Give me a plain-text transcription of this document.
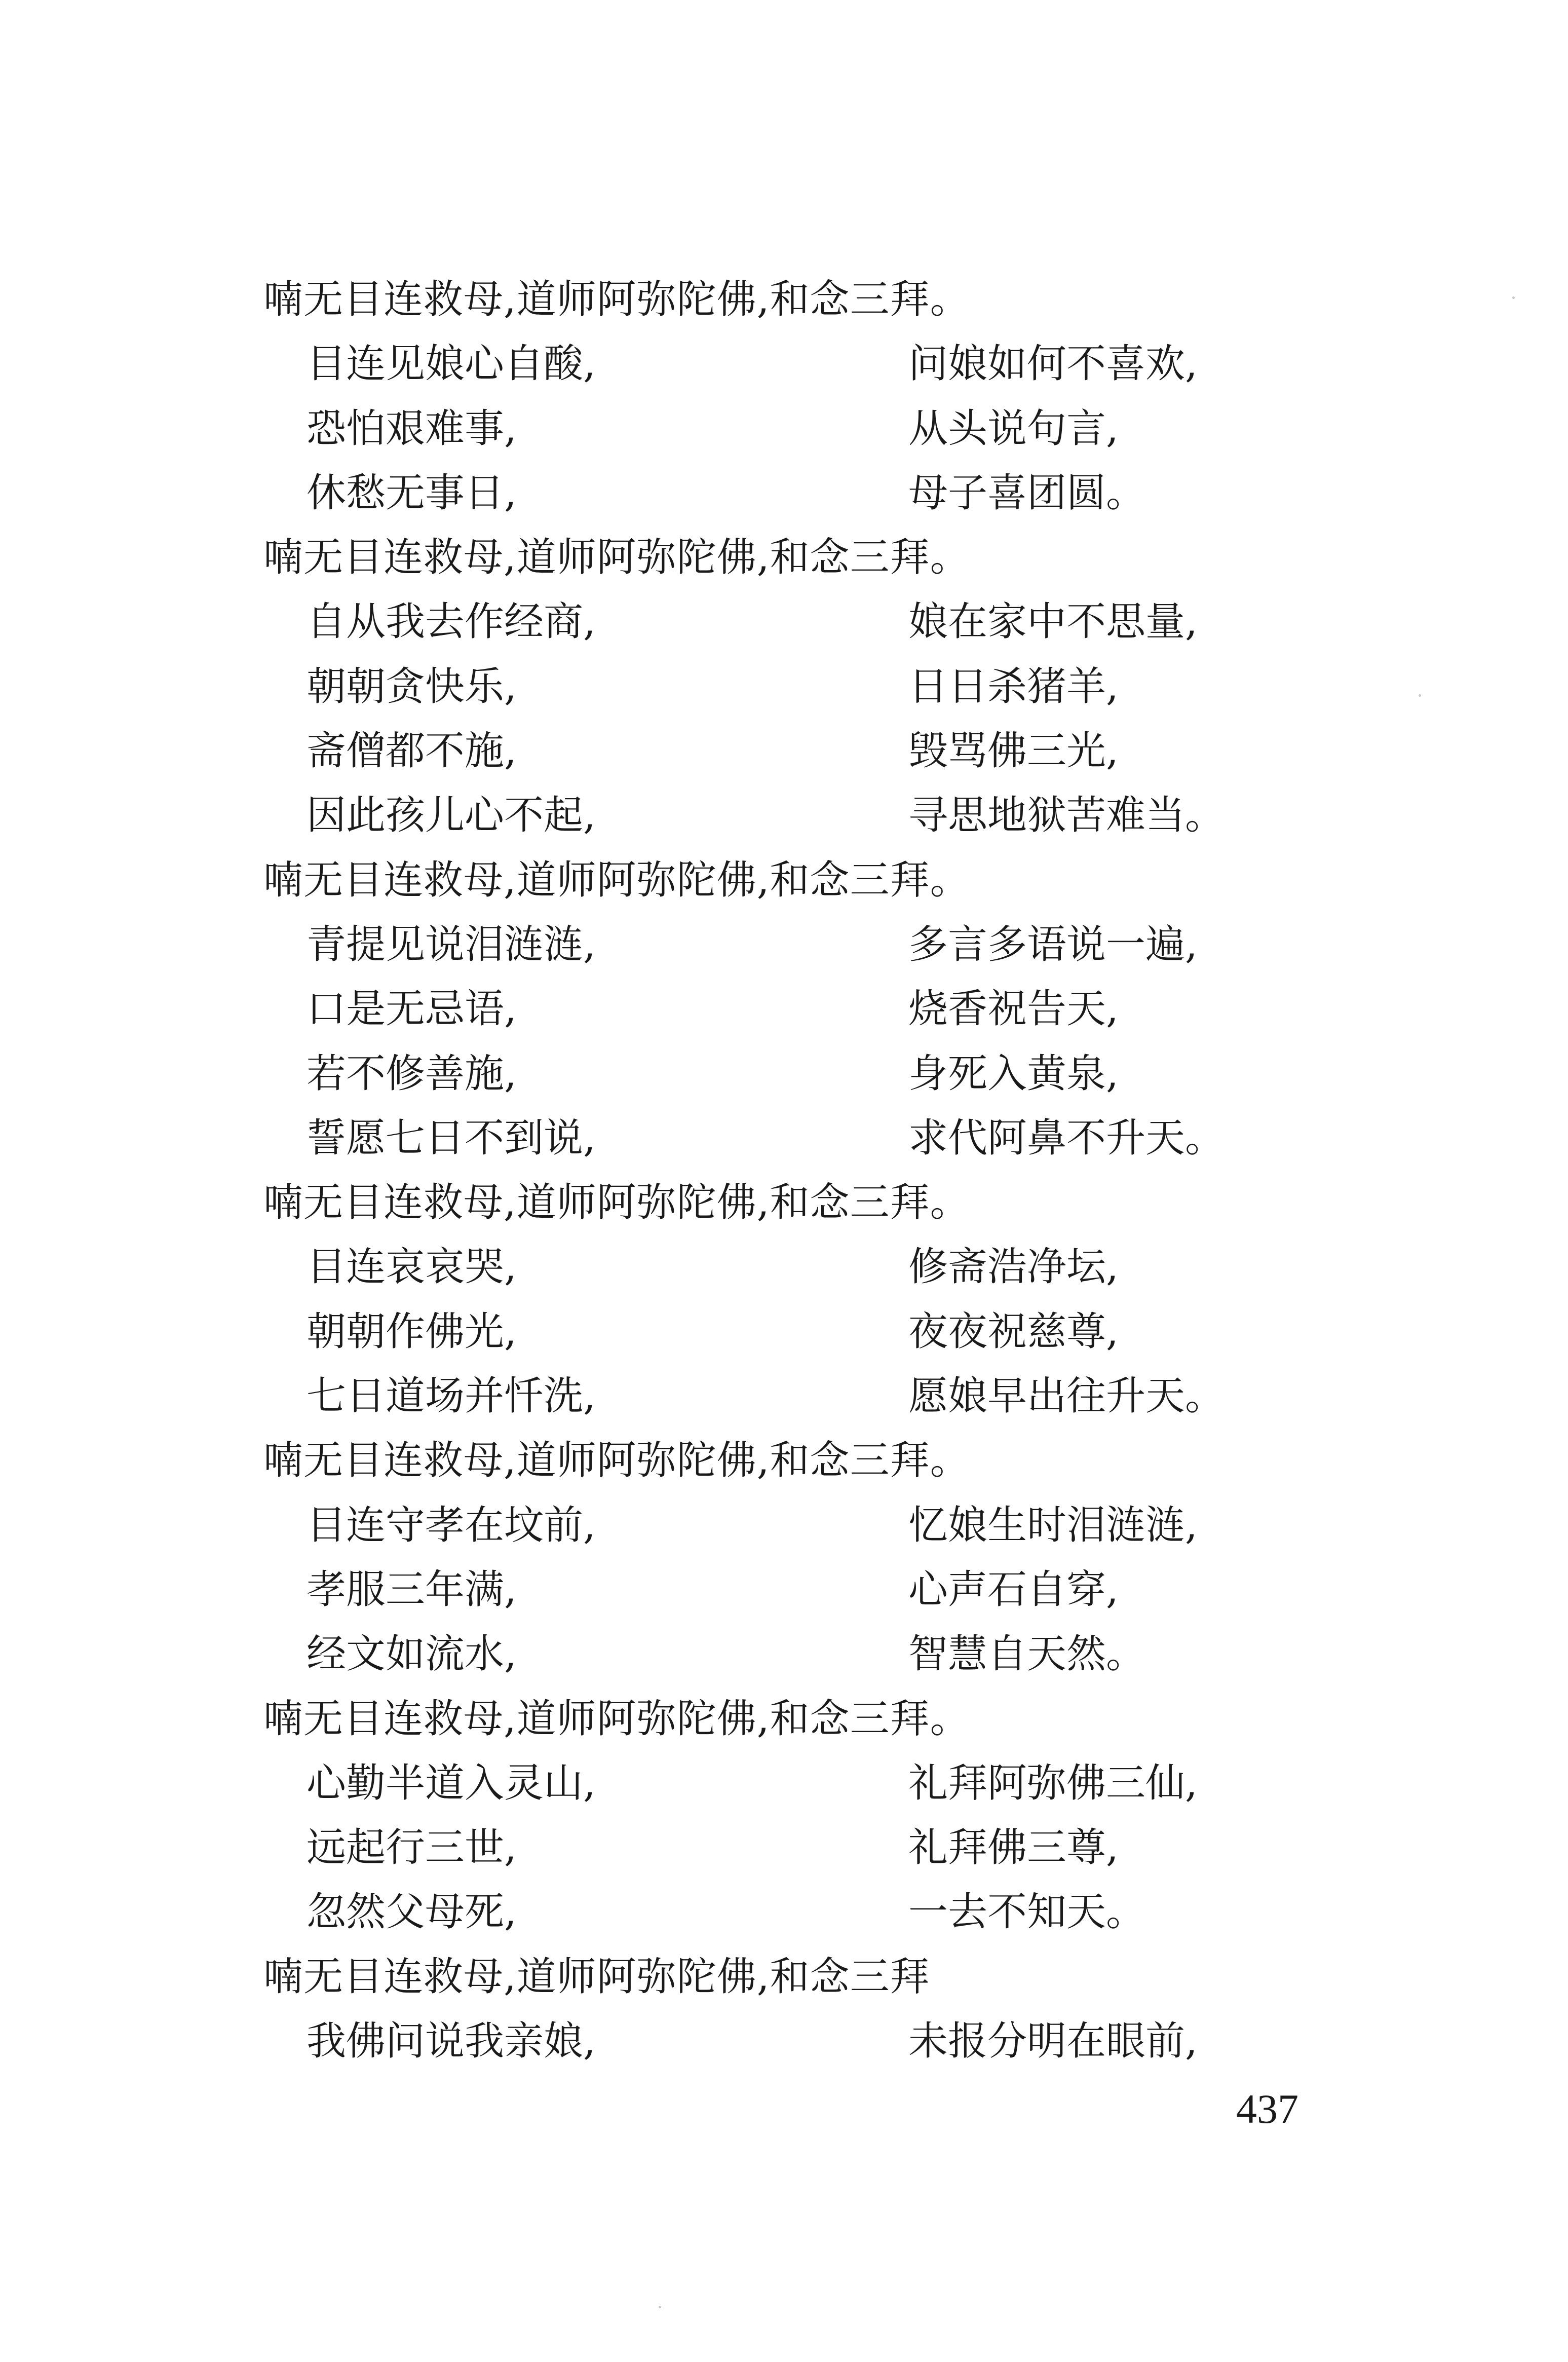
喃无目连救母,道师阿弥陀佛,和念三拜。
目连见娘心自酸,	问娘如何不喜欢,
恐怕艰难事,	从头说句言,
休愁无事日,	母子喜团圆。
喃无目连救母,道师阿弥陀佛,和念三拜。
自从我去作经商,	娘在家中不思量,
朝朝贪快乐,	日日杀猪羊,
斋僧都不施,	毁骂佛三光,
因此孩儿心不起,	寻思地狱苦难当。
喃无目连救母,道师阿弥陀佛,和念三拜。
青提见说泪涟涟,	多言多语说一遍,
口是无忌语,	烧香祝告天,
若不修善施,	身死入黄泉,
誓愿七日不到说,	求代阿鼻不升天。
喃无目连救母,道师阿弥陀佛,和念三拜。
目连哀哀哭,	修斋浩净坛,
朝朝作佛光,	夜夜祝慈尊,
七日道场并忏洗,	愿娘早出往升天。
喃无目连救母,道师阿弥陀佛,和念三拜。
目连守孝在坟前,	忆娘生时泪涟涟,
孝服三年满,	心声石自穿,
经文如流水,	智慧自天然。
喃无目连救母,道师阿弥陀佛,和念三拜。
心勤半道入灵山,	礼拜阿弥佛三仙,
远起行三世,	礼拜佛三尊,
忽然父母死,	一去不知天。
喃无目连救母,道师阿弥陀佛,和念三拜
我佛问说我亲娘,	未报分明在眼前,
437
